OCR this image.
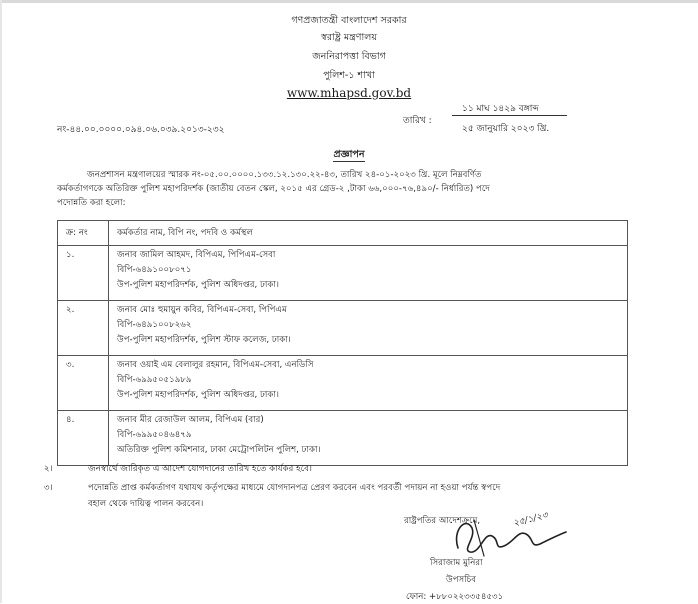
গণপ্রজাতন্ত্রী বাংলাদেশ সরকার
স্বরাষ্ট্র মন্ত্রণালয়
জননিরাপত্তা বিভাগ
পুলিশ-১ শাখা
www.mhapsd.gov.bd
নং-৪৪.০০.০০০০.০৯৪.০৬.০৩৯.২০১৩-২৩২
তারিখ :
১১ মাঘ ১৪২৯ বঙ্গাব্দ
২৫ জানুয়ারি ২০২৩ খ্রি.
প্রজ্ঞাপন
জনপ্রশাসন মন্ত্রণালয়ের স্মারক নং-০৫.০০.০০০০.১৩৩.১২.১৩০.২২-৪৩, তারিখ ২৪-০১-২০২৩ খ্রি. মূলে নিম্নবর্ণিত
কর্মকর্তাগণকে অতিরিক্ত পুলিশ মহাপরিদর্শক (জাতীয় বেতন স্কেল, ২০১৫ এর গ্রেড-২ ,টাকা ৬৬,০০০-৭৬,৪৯০/- নির্ধারিত) পদে
পদোন্নতি করা হলো:
ক্র: নং	কর্মকর্তার নাম, বিপি নং, পদবি ও কর্মস্থল
১.	জনাব জামিল আহমদ, বিপিএম, পিপিএম-সেবা
বিপি-৬৪৯১০০৮০৭১
উপ-পুলিশ মহাপরিদর্শক, পুলিশ অধিদপ্তর, ঢাকা।

২.	জনাব মোঃ হুমায়ুন কবির, বিপিএম-সেবা, পিপিএম
বিপি-৬৪৯১০০৮২৬২
উপ-পুলিশ মহাপরিদর্শক, পুলিশ স্টাফ কলেজ, ঢাকা।

৩.	জনাব ওয়াই এম বেলালুর রহমান, বিপিএম-সেবা, এনডিসি
বিপি-৬৯৯৫০৫১৯৮৯
উপ-পুলিশ মহাপরিদর্শক, পুলিশ অধিদপ্তর, ঢাকা।

৪.	জনাব মীর রেজাউল আলম, বিপিএম (বার)
বিপি-৬৯৯৫০৪৬৪৭৯
অতিরিক্ত পুলিশ কমিশনার, ঢাকা মেট্রোপলিটন পুলিশ, ঢাকা।
২।	জনস্বার্থে জারিকৃত এ আদেশ যোগদানের তারিখ হতে কার্যকর হবে।
৩।	পদোন্নতি প্রাপ্ত কর্মকর্তাগণ যথাযথ কর্তৃপক্ষের মাধ্যমে যোগদানপত্র প্রেরণ করবেন এবং পরবর্তী পদায়ন না হওয়া পর্যন্ত স্বপদে
বহাল থেকে দায়িত্ব পালন করবেন।
রাষ্ট্রপতির আদেশক্রমে,	২৫/১/২৩
সিরাজাম মুনিরা
উপসচিব
ফোন: +৮৮০২২৩৩৫৪৫৩১
